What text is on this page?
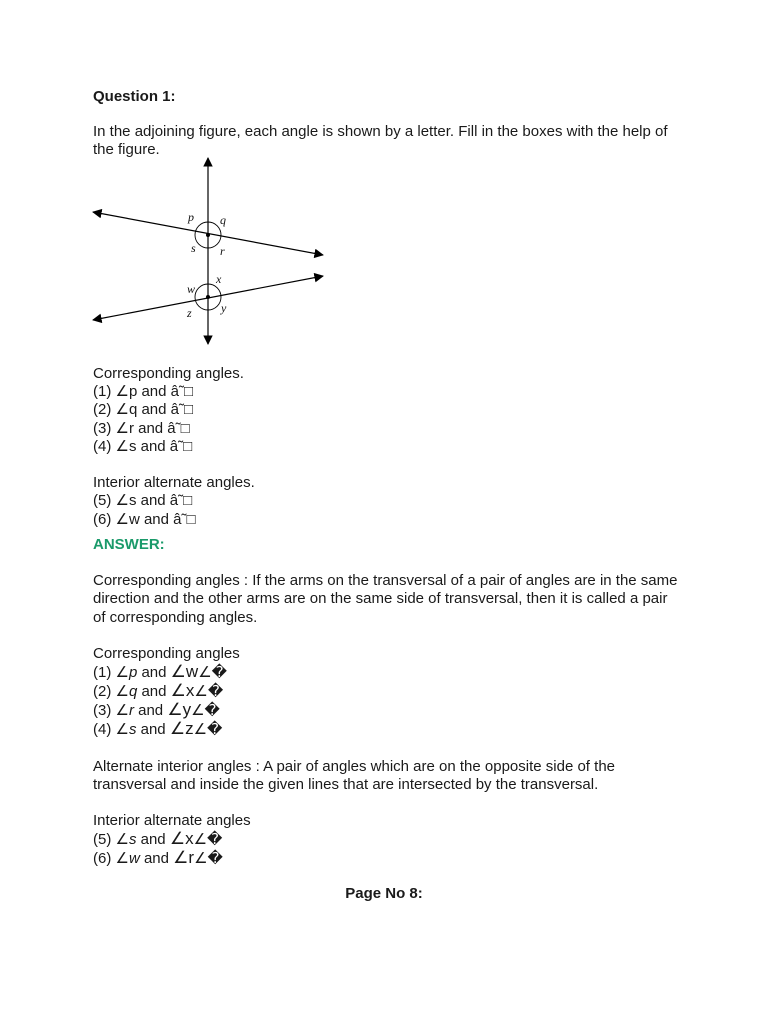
Question 1:
In the adjoining figure, each angle is shown by a letter. Fill in the boxes with the help of the figure.
p q
s r
x
w
z y
Corresponding angles.
(1) ∠p and â˜□
(2) ∠q and â˜□
(3) ∠r and â˜□
(4) ∠s and â˜□
Interior alternate angles.
(5) ∠s and â˜□
(6) ∠w and â˜□
ANSWER:
Corresponding angles : If the arms on the transversal of a pair of angles are in the same direction and the other arms are on the same side of transversal, then it is called a pair of corresponding angles.
Corresponding angles
(1) ∠p and ∠w∠�
(2) ∠q and ∠x∠�
(3) ∠r and ∠y∠�
(4) ∠s and ∠z∠�
Alternate interior angles : A pair of angles which are on the opposite side of the transversal and inside the given lines that are intersected by the transversal.
Interior alternate angles
(5) ∠s and ∠x∠�
(6) ∠w and ∠r∠�
Page No 8:
